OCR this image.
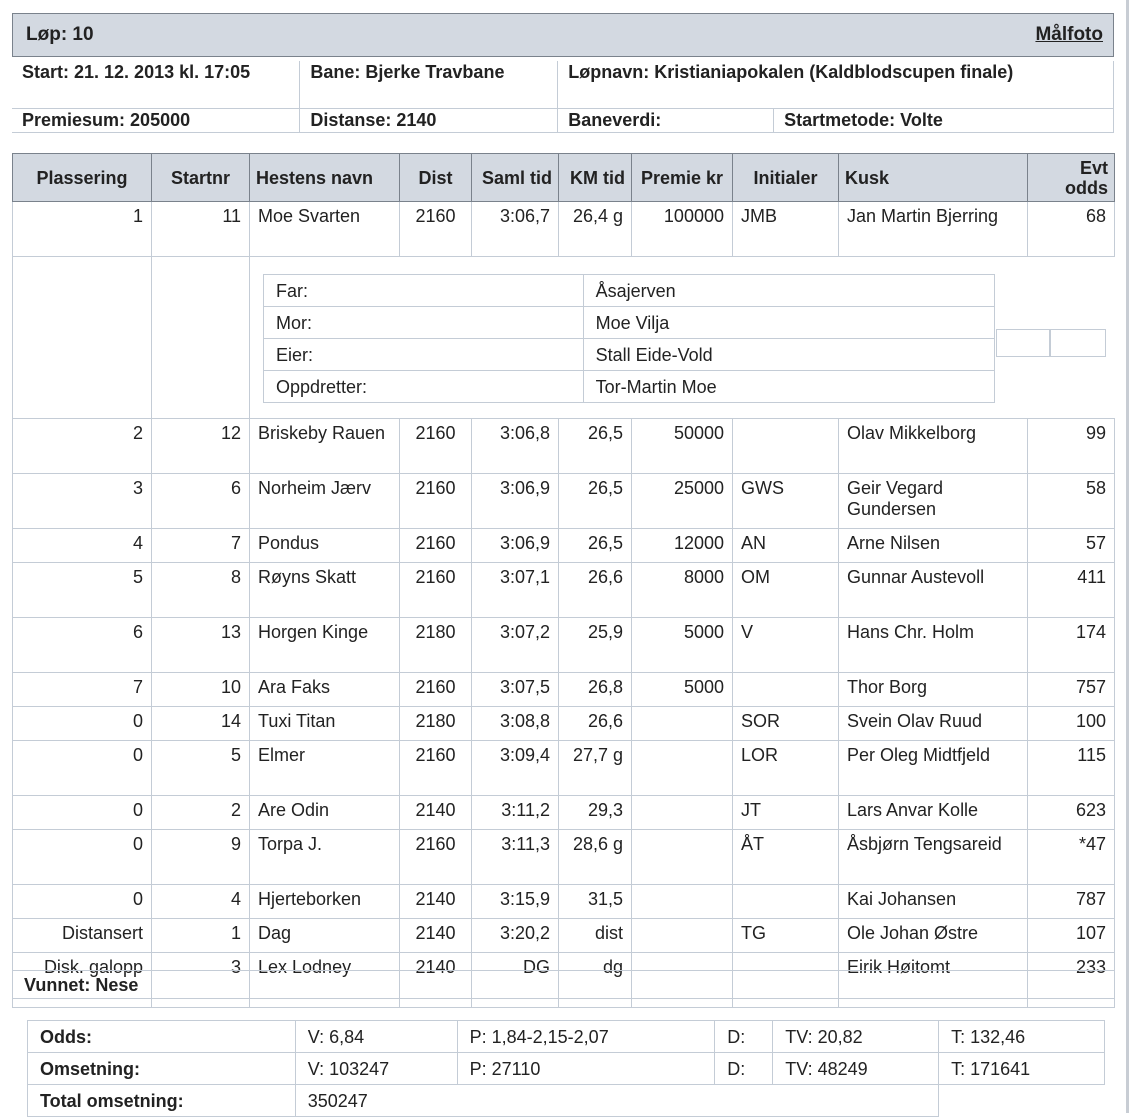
Løp: 10	Målfoto
Start: 21. 12. 2013 kl. 17:05	Bane: Bjerke Travbane	Løpnavn: Kristianiapokalen (Kaldblodscupen finale)	
Premiesum: 205000	Distanse: 2140	Baneverdi:	Startmetode: Volte
Plassering	Startnr	Hestens navn	Dist	Saml tid	KM tid	Premie kr	Initialer	Kusk	Evt odds
1	11	Moe Svarten	2160	3:06,7	26,4 g	100000	JMB	Jan Martin Bjerring	68

2	12	Briskeby Rauen	2160	3:06,8	26,5	50000		Olav Mikkelborg	99
3	6	Norheim Jærv	2160	3:06,9	26,5	25000	GWS	Geir Vegard Gundersen	58
4	7	Pondus	2160	3:06,9	26,5	12000	AN	Arne Nilsen	57
5	8	Røyns Skatt	2160	3:07,1	26,6	8000	OM	Gunnar Austevoll	411
6	13	Horgen Kinge	2180	3:07,2	25,9	5000	V	Hans Chr. Holm	174
7	10	Ara Faks	2160	3:07,5	26,8	5000		Thor Borg	757
0	14	Tuxi Titan	2180	3:08,8	26,6		SOR	Svein Olav Ruud	100
0	5	Elmer	2160	3:09,4	27,7 g		LOR	Per Oleg Midtfjeld	115
0	2	Are Odin	2140	3:11,2	29,3		JT	Lars Anvar Kolle	623
0	9	Torpa J.	2160	3:11,3	28,6 g		ÅT	Åsbjørn Tengsareid	*47
0	4	Hjerteborken	2140	3:15,9	31,5			Kai Johansen	787
Distansert	1	Dag	2140	3:20,2	dist		TG	Ole Johan Østre	107
Disk. galopp	3	Lex Lodney	2140	DG	dg			Eirik Høitomt	233
Far:	Åsajerven
Mor:	Moe Vilja
Eier:	Stall Eide-Vold
Oppdretter:	Tor-Martin Moe
Vunnet: Nese
Odds:	V: 6,84	P: 1,84-2,15-2,07	D:	TV: 20,82	T: 132,46
Omsetning:	V: 103247	P: 27110	D:	TV: 48249	T: 171641
Total omsetning:	350247				
